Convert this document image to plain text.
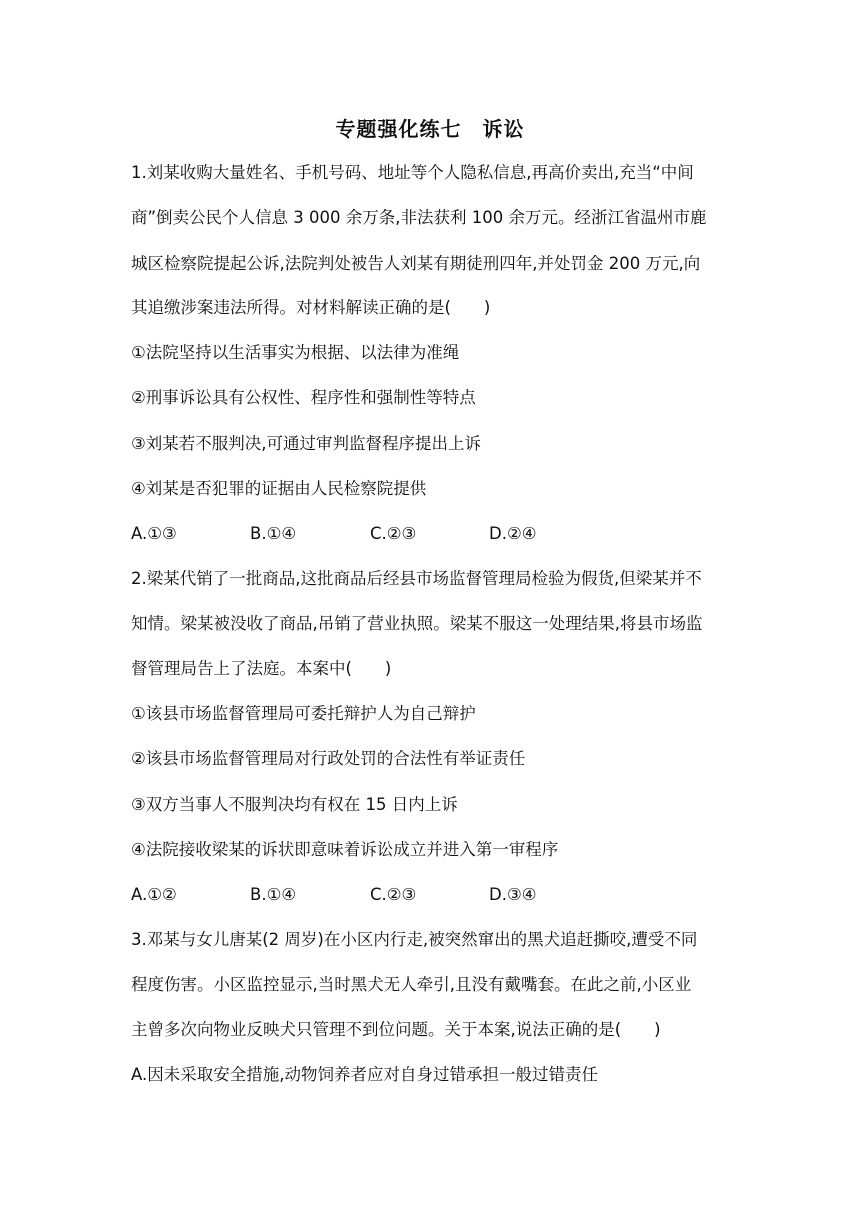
专题强化练七　诉讼
1.刘某收购大量姓名、手机号码、地址等个人隐私信息,再高价卖出,充当“中间
商”倒卖公民个人信息 3 000 余万条,非法获利 100 余万元。经浙江省温州市鹿
城区检察院提起公诉,法院判处被告人刘某有期徒刑四年,并处罚金 200 万元,向
其追缴涉案违法所得。对材料解读正确的是(　　)
①法院坚持以生活事实为根据、以法律为准绳
②刑事诉讼具有公权性、程序性和强制性等特点
③刘某若不服判决,可通过审判监督程序提出上诉
④刘某是否犯罪的证据由人民检察院提供
A.①③	B.①④	C.②③	D.②④
2.梁某代销了一批商品,这批商品后经县市场监督管理局检验为假货,但梁某并不
知情。梁某被没收了商品,吊销了营业执照。梁某不服这一处理结果,将县市场监
督管理局告上了法庭。本案中(　　)
①该县市场监督管理局可委托辩护人为自己辩护
②该县市场监督管理局对行政处罚的合法性有举证责任
③双方当事人不服判决均有权在 15 日内上诉
④法院接收梁某的诉状即意味着诉讼成立并进入第一审程序
A.①②	B.①④	C.②③	D.③④
3.邓某与女儿唐某(2 周岁)在小区内行走,被突然窜出的黑犬追赶撕咬,遭受不同
程度伤害。小区监控显示,当时黑犬无人牵引,且没有戴嘴套。在此之前,小区业
主曾多次向物业反映犬只管理不到位问题。关于本案,说法正确的是(　　)
A.因未采取安全措施,动物饲养者应对自身过错承担一般过错责任
